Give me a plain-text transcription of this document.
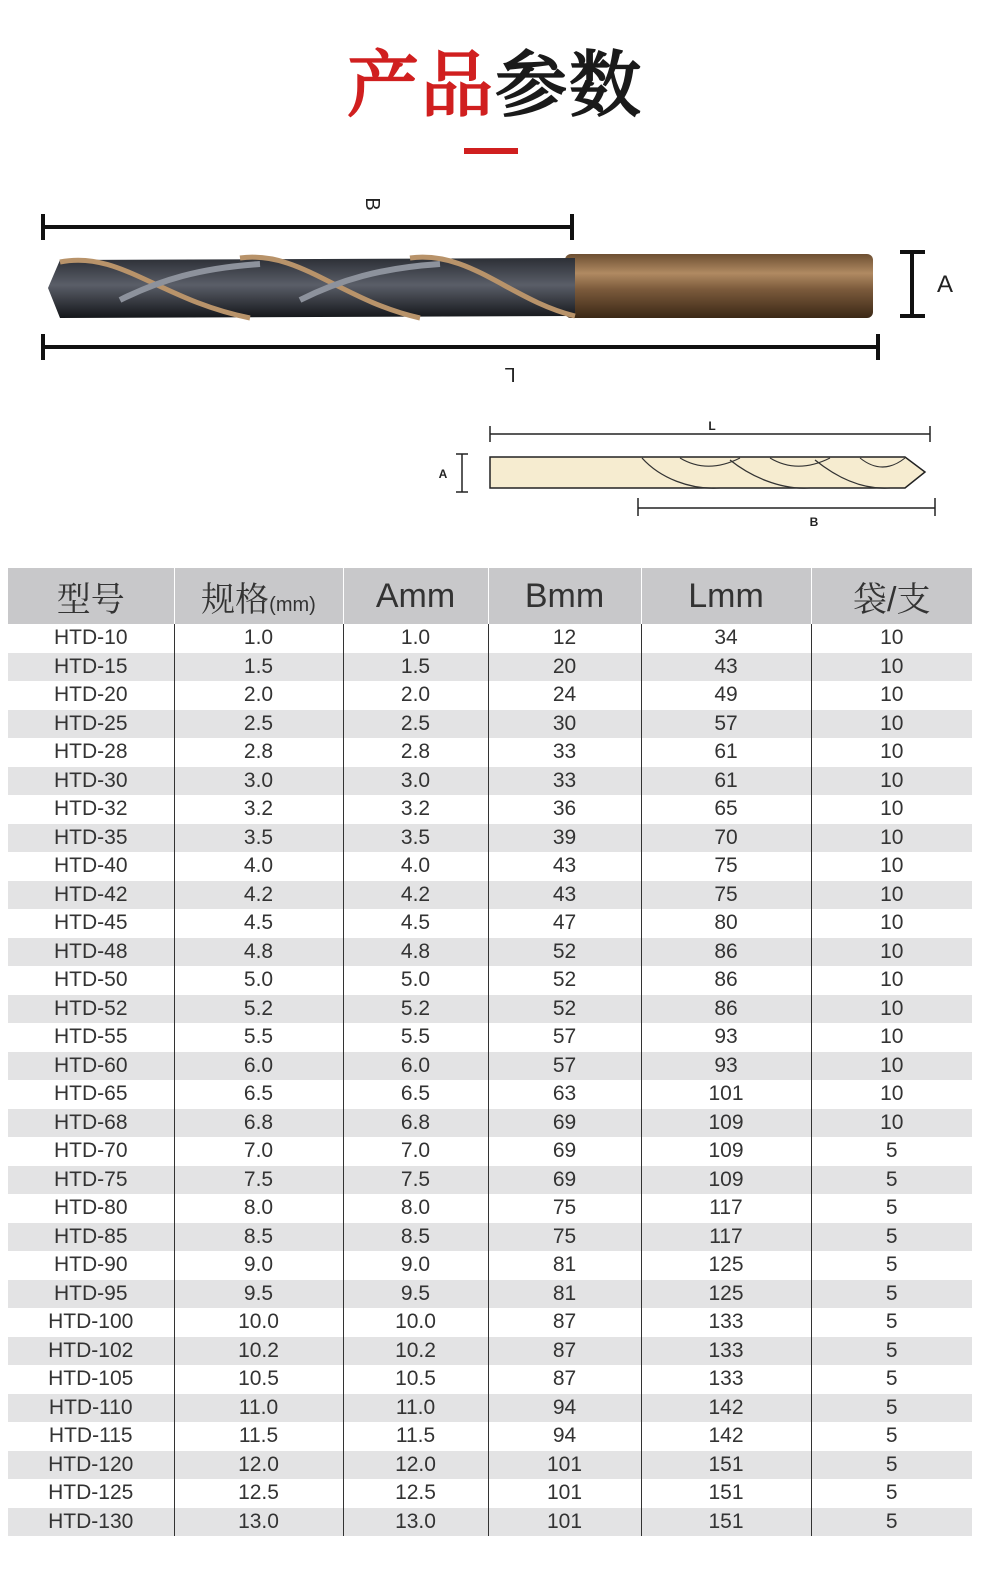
产品参数
B
A
L
L
A
B
型号	规格(mm)	Amm	Bmm	Lmm	袋/支
HTD-10	1.0	1.0	12	34	10
HTD-15	1.5	1.5	20	43	10
HTD-20	2.0	2.0	24	49	10
HTD-25	2.5	2.5	30	57	10
HTD-28	2.8	2.8	33	61	10
HTD-30	3.0	3.0	33	61	10
HTD-32	3.2	3.2	36	65	10
HTD-35	3.5	3.5	39	70	10
HTD-40	4.0	4.0	43	75	10
HTD-42	4.2	4.2	43	75	10
HTD-45	4.5	4.5	47	80	10
HTD-48	4.8	4.8	52	86	10
HTD-50	5.0	5.0	52	86	10
HTD-52	5.2	5.2	52	86	10
HTD-55	5.5	5.5	57	93	10
HTD-60	6.0	6.0	57	93	10
HTD-65	6.5	6.5	63	101	10
HTD-68	6.8	6.8	69	109	10
HTD-70	7.0	7.0	69	109	5
HTD-75	7.5	7.5	69	109	5
HTD-80	8.0	8.0	75	117	5
HTD-85	8.5	8.5	75	117	5
HTD-90	9.0	9.0	81	125	5
HTD-95	9.5	9.5	81	125	5
HTD-100	10.0	10.0	87	133	5
HTD-102	10.2	10.2	87	133	5
HTD-105	10.5	10.5	87	133	5
HTD-110	11.0	11.0	94	142	5
HTD-115	11.5	11.5	94	142	5
HTD-120	12.0	12.0	101	151	5
HTD-125	12.5	12.5	101	151	5
HTD-130	13.0	13.0	101	151	5
